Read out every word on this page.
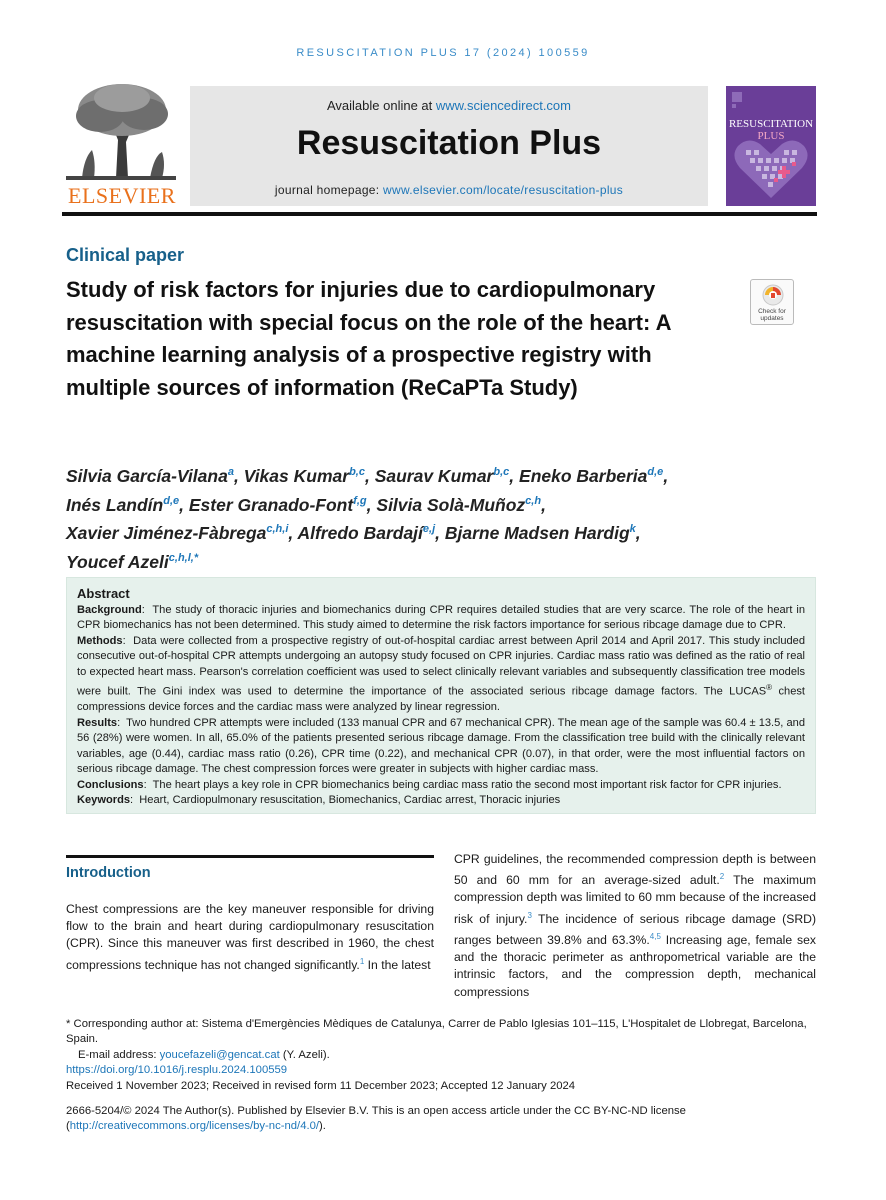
RESUSCITATION PLUS 17 (2024) 100559
ELSEVIER
Available online at www.sciencedirect.com
Resuscitation Plus
journal homepage: www.elsevier.com/locate/resuscitation-plus
RESUSCITATION
PLUS
Clinical paper
Study of risk factors for injuries due to cardiopulmonary resuscitation with special focus on the role of the heart: A machine learning analysis of a prospective registry with multiple sources of information (ReCaPTa Study)
Check for updates
Silvia García-Vilana$^a$, Vikas Kumar$^{b,c}$, Saurav Kumar$^{b,c}$, Eneko Barberia$^{d,e}$,
Inés Landín$^{d,e}$, Ester Granado-Font$^{f,g}$, Silvia Solà-Muñoz$^{c,h}$,
Xavier Jiménez-Fàbrega$^{c,h,i}$, Alfredo Bardají$^{e,j}$, Bjarne Madsen Hardig$^k$,
Youcef Azeli$^{c,h,l,*}$
Abstract

Background:  The study of thoracic injuries and biomechanics during CPR requires detailed studies that are very scarce. The role of the heart in CPR biomechanics has not been determined. This study aimed to determine the risk factors importance for serious ribcage damage due to CPR.

Methods:  Data were collected from a prospective registry of out-of-hospital cardiac arrest between April 2014 and April 2017. This study included consecutive out-of-hospital CPR attempts undergoing an autopsy study focused on CPR injuries. Cardiac mass ratio was defined as the ratio of real to expected heart mass. Pearson's correlation coefficient was used to select clinically relevant variables and subsequently classification tree models were built. The Gini index was used to determine the importance of the associated serious ribcage damage factors. The LUCAS® chest compressions device forces and the cardiac mass were analyzed by linear regression.

Results:  Two hundred CPR attempts were included (133 manual CPR and 67 mechanical CPR). The mean age of the sample was 60.4 ± 13.5, and 56 (28%) were women. In all, 65.0% of the patients presented serious ribcage damage. From the classification tree build with the clinically relevant variables, age (0.44), cardiac mass ratio (0.26), CPR time (0.22), and mechanical CPR (0.07), in that order, were the most influential factors on serious ribcage damage. The chest compression forces were greater in subjects with higher cardiac mass.

Conclusions:  The heart plays a key role in CPR biomechanics being cardiac mass ratio the second most important risk factor for CPR injuries.

Keywords:  Heart, Cardiopulmonary resuscitation, Biomechanics, Cardiac arrest, Thoracic injuries

Introduction
Chest compressions are the key maneuver responsible for driving flow to the brain and heart during cardiopulmonary resuscitation (CPR). Since this maneuver was first described in 1960, the chest compressions technique has not changed significantly.$^1$ In the latest
CPR guidelines, the recommended compression depth is between 50 and 60 mm for an average-sized adult.$^2$ The maximum compression depth was limited to 60 mm because of the increased risk of injury.$^3$ The incidence of serious ribcage damage (SRD) ranges between 39.8% and 63.3%.$^{4,5}$ Increasing age, female sex and the thoracic perimeter as anthropometrical variable are the intrinsic factors, and the compression depth, mechanical compressions
* Corresponding author at: Sistema d'Emergències Mèdiques de Catalunya, Carrer de Pablo Iglesias 101–115, L'Hospitalet de Llobregat, Barcelona, Spain.
E-mail address: youcefazeli@gencat.cat (Y. Azeli).
https://doi.org/10.1016/j.resplu.2024.100559
Received 1 November 2023; Received in revised form 11 December 2023; Accepted 12 January 2024
2666-5204/© 2024 The Author(s). Published by Elsevier B.V. This is an open access article under the CC BY-NC-ND license (http://creativecommons.org/licenses/by-nc-nd/4.0/).
